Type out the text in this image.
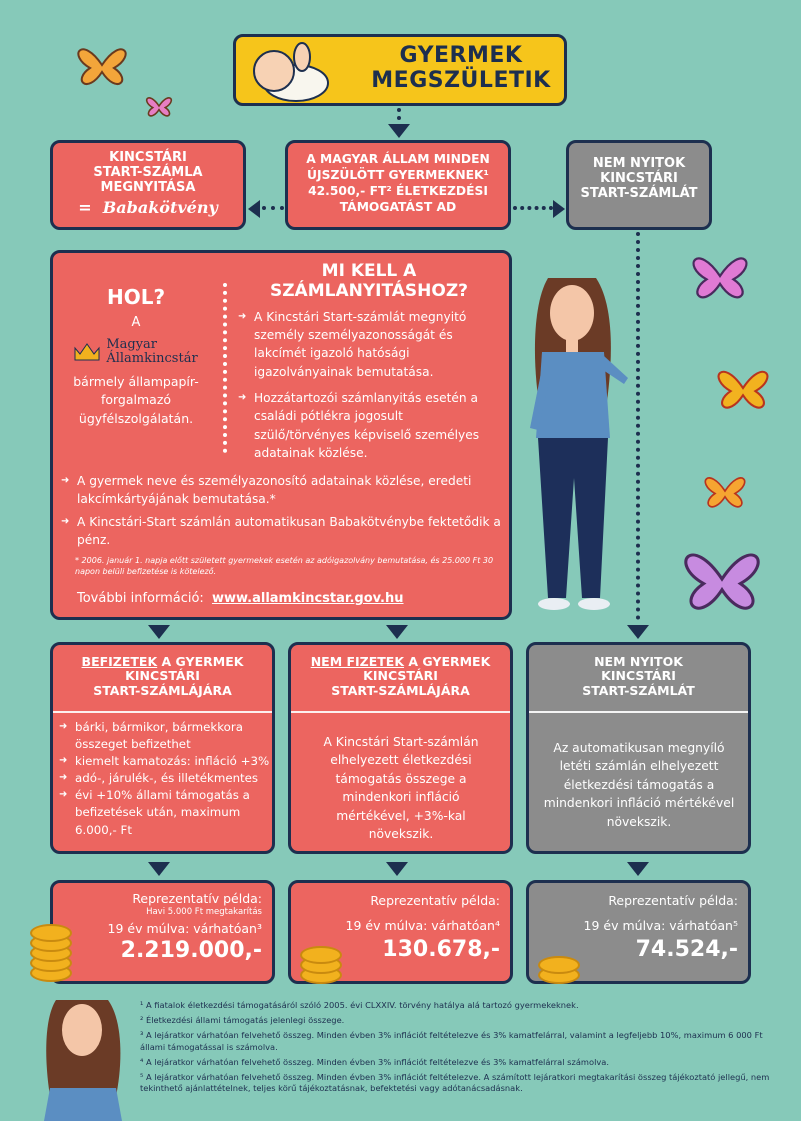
GYERMEK
MEGSZÜLETIK
KINCSTÁRI
START-SZÁMLA
MEGNYITÁSA
= Babakötvény
A MAGYAR ÁLLAM MINDEN
ÚJSZÜLÖTT GYERMEKNEK¹
42.500,- FT² ÉLETKEZDÉSI
TÁMOGATÁST AD
NEM NYITOK
KINCSTÁRI
START-SZÁMLÁT
HOL?
A
Magyar
Államkincstár
bármely állampapír-forgalmazó ügyfélszolgálatán.
MI KELL A
SZÁMLANYITÁSHOZ?
➜ A Kincstári Start-számlát megnyitó személy személyazonosságát és lakcímét igazoló hatósági igazolványainak bemutatása.
➜ Hozzátartozói számlanyitás esetén a családi pótlékra jogosult szülő/törvényes képviselő személyes adatainak közlése.
➜ A gyermek neve és személyazonosító adatainak közlése, eredeti lakcímkártyájának bemutatása.*
➜ A Kincstári-Start számlán automatikusan Babakötvénybe fektetődik a pénz.
* 2006. január 1. napja előtt született gyermekek esetén az adóigazolvány bemutatása, és 25.000 Ft 30 napon belüli befizetése is kötelező.
További információ: www.allamkincstar.gov.hu
BEFIZETEK A GYERMEK
KINCSTÁRI
START-SZÁMLÁJÁRA
➜ bárki, bármikor, bármekkora összeget befizethet
➜ kiemelt kamatozás: infláció +3%
➜ adó-, járulék-, és illetékmentes
➜ évi +10% állami támogatás a befizetések után, maximum 6.000,- Ft
NEM FIZETEK A GYERMEK
KINCSTÁRI
START-SZÁMLÁJÁRA
A Kincstári Start-számlán elhelyezett életkezdési támogatás összege a mindenkori infláció mértékével, +3%-kal növekszik.
NEM NYITOK
KINCSTÁRI
START-SZÁMLÁT
Az automatikusan megnyíló letéti számlán elhelyezett életkezdési támogatás a mindenkori infláció mértékével növekszik.
Reprezentatív példa:
Havi 5.000 Ft megtakarítás
19 év múlva: várhatóan³
2.219.000,-
Reprezentatív példa:
19 év múlva: várhatóan⁴
130.678,-
Reprezentatív példa:
19 év múlva: várhatóan⁵
74.524,-
¹ A fiatalok életkezdési támogatásáról szóló 2005. évi CLXXIV. törvény hatálya alá tartozó gyermekeknek.
² Életkezdési állami támogatás jelenlegi összege.
³ A lejáratkor várhatóan felvehető összeg. Minden évben 3% inflációt feltételezve és 3% kamatfelárral, valamint a legfeljebb 10%, maximum 6 000 Ft állami támogatással is számolva.
⁴ A lejáratkor várhatóan felvehető összeg. Minden évben 3% inflációt feltételezve és 3% kamatfelárral számolva.
⁵ A lejáratkor várhatóan felvehető összeg. Minden évben 3% inflációt feltételezve. A számított lejáratkori megtakarítási összeg tájékoztató jellegű, nem tekinthető ajánlattételnek, teljes körű tájékoztatásnak, befektetési vagy adótanácsadásnak.
